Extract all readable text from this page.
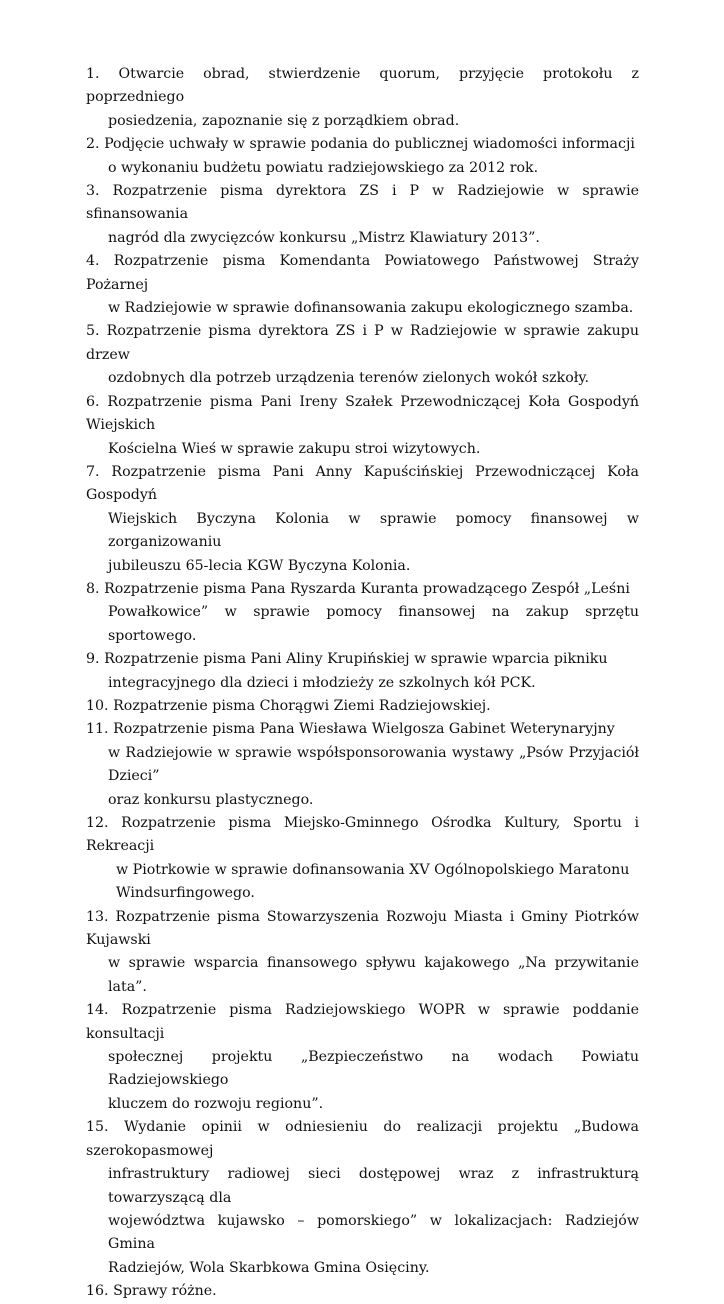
1. Otwarcie obrad, stwierdzenie quorum, przyjęcie protokołu z poprzedniego
posiedzenia, zapoznanie się z porządkiem obrad.
2. Podjęcie uchwały w sprawie podania do publicznej wiadomości informacji
o wykonaniu budżetu powiatu radziejowskiego za 2012 rok.
3. Rozpatrzenie pisma dyrektora ZS i P w Radziejowie w sprawie sfinansowania
nagród dla zwycięzców konkursu „Mistrz Klawiatury 2013”.
4. Rozpatrzenie pisma Komendanta Powiatowego Państwowej Straży Pożarnej
w Radziejowie w sprawie dofinansowania zakupu ekologicznego szamba.
5. Rozpatrzenie pisma dyrektora ZS i P w Radziejowie w sprawie zakupu drzew
ozdobnych dla potrzeb urządzenia terenów zielonych wokół szkoły.
6. Rozpatrzenie pisma Pani Ireny Szałek Przewodniczącej Koła Gospodyń Wiejskich
Kościelna Wieś w sprawie zakupu stroi wizytowych.
7. Rozpatrzenie pisma Pani Anny Kapuścińskiej Przewodniczącej Koła Gospodyń
Wiejskich Byczyna Kolonia w sprawie pomocy finansowej w zorganizowaniu
jubileuszu 65-lecia KGW Byczyna Kolonia.
8. Rozpatrzenie pisma Pana Ryszarda Kuranta prowadzącego Zespół „Leśni
Powałkowice” w sprawie pomocy finansowej na zakup sprzętu sportowego.
9. Rozpatrzenie pisma Pani Aliny Krupińskiej w sprawie wparcia pikniku
integracyjnego dla dzieci i młodzieży ze szkolnych kół PCK.
10. Rozpatrzenie pisma Chorągwi Ziemi Radziejowskiej.
11. Rozpatrzenie pisma Pana Wiesława Wielgosza Gabinet Weterynaryjny
w Radziejowie w sprawie współsponsorowania wystawy „Psów Przyjaciół Dzieci”
oraz konkursu plastycznego.
12. Rozpatrzenie pisma Miejsko-Gminnego Ośrodka Kultury, Sportu i Rekreacji
w Piotrkowie w sprawie dofinansowania XV Ogólnopolskiego Maratonu
Windsurfingowego.
13. Rozpatrzenie pisma Stowarzyszenia Rozwoju Miasta i Gminy Piotrków Kujawski
w sprawie wsparcia finansowego spływu kajakowego „Na przywitanie lata”.
14. Rozpatrzenie pisma Radziejowskiego WOPR w sprawie poddanie konsultacji
społecznej projektu „Bezpieczeństwo na wodach Powiatu Radziejowskiego
kluczem do rozwoju regionu”.
15. Wydanie opinii w odniesieniu do realizacji projektu „Budowa szerokopasmowej
infrastruktury radiowej sieci dostępowej wraz z infrastrukturą towarzyszącą dla
województwa kujawsko – pomorskiego” w lokalizacjach: Radziejów Gmina
Radziejów, Wola Skarbkowa Gmina Osięciny.
16. Sprawy różne.
